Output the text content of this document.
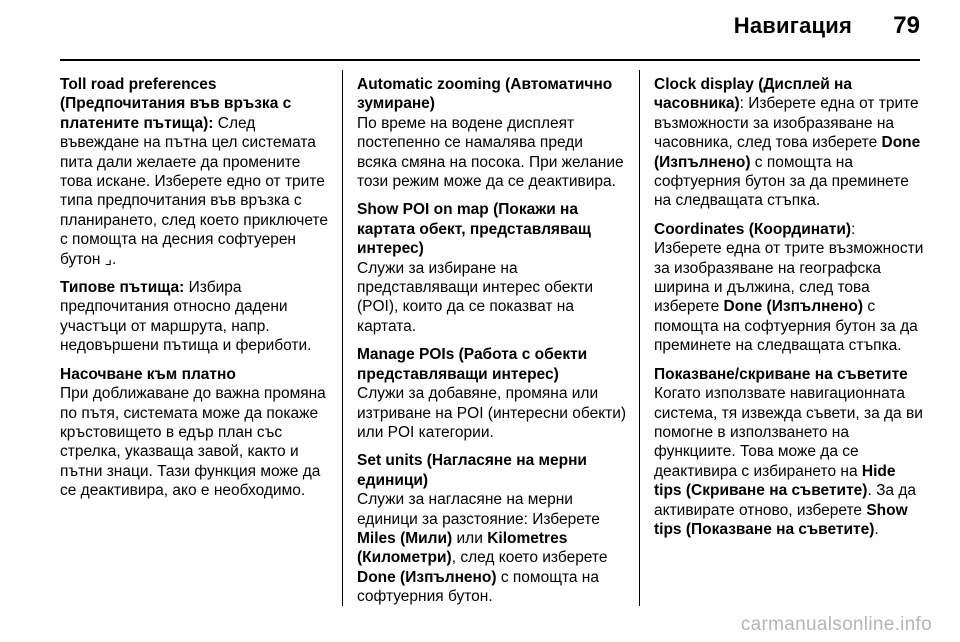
Навигация 79

Toll road preferences (Предпочитания във връзка с платените пътища): След въвеждане на пътна цел системата пита дали желаете да промените това искане. Изберете едно от трите типа предпочитания във връзка с планирането, след което приключете с помощта на десния софтуерен бутон ⌟.

Типове пътища: Избира предпочитания относно дадени участъци от маршрута, напр. недовършени пътища и фериботи.

Насочване към платно

При доближаване до важна промяна по пътя, системата може да покаже кръстовището в едър план със стрелка, указваща завой, както и пътни знаци. Тази функция може да се деактивира, ако е необходимо.

Automatic zooming (Автоматично зумиране)

По време на водене дисплеят постепенно се намалява преди всяка смяна на посока. При желание този режим може да се деактивира.

Show POI on map (Покажи на картата обект, представляващ интерес)

Служи за избиране на представляващи интерес обекти (POI), които да се показват на картата.

Manage POIs (Работа с обекти представляващи интерес)

Служи за добавяне, промяна или изтриване на POI (интересни обекти) или POI категории.

Set units (Нагласяне на мерни единици)

Служи за нагласяне на мерни единици за разстояние: Изберете Miles (Мили) или Kilometres (Километри), след което изберете Done (Изпълнено) с помощта на софтуерния бутон.

Clock display (Дисплей на часовника): Изберете една от трите възможности за изобразяване на часовника, след това изберете Done (Изпълнено) с помощта на софтуерния бутон за да преминете на следващата стъпка.

Coordinates (Координати): Изберете една от трите възможности за изобразяване на географска ширина и дължина, след това изберете Done (Изпълнено) с помощта на софтуерния бутон за да преминете на следващата стъпка.

Показване/скриване на съветите

Когато използвате навигационната система, тя извежда съвети, за да ви помогне в използването на функциите. Това може да се деактивира с избирането на Hide tips (Скриване на съветите). За да активирате отново, изберете Show tips (Показване на съветите).

carmanualsonline.info
